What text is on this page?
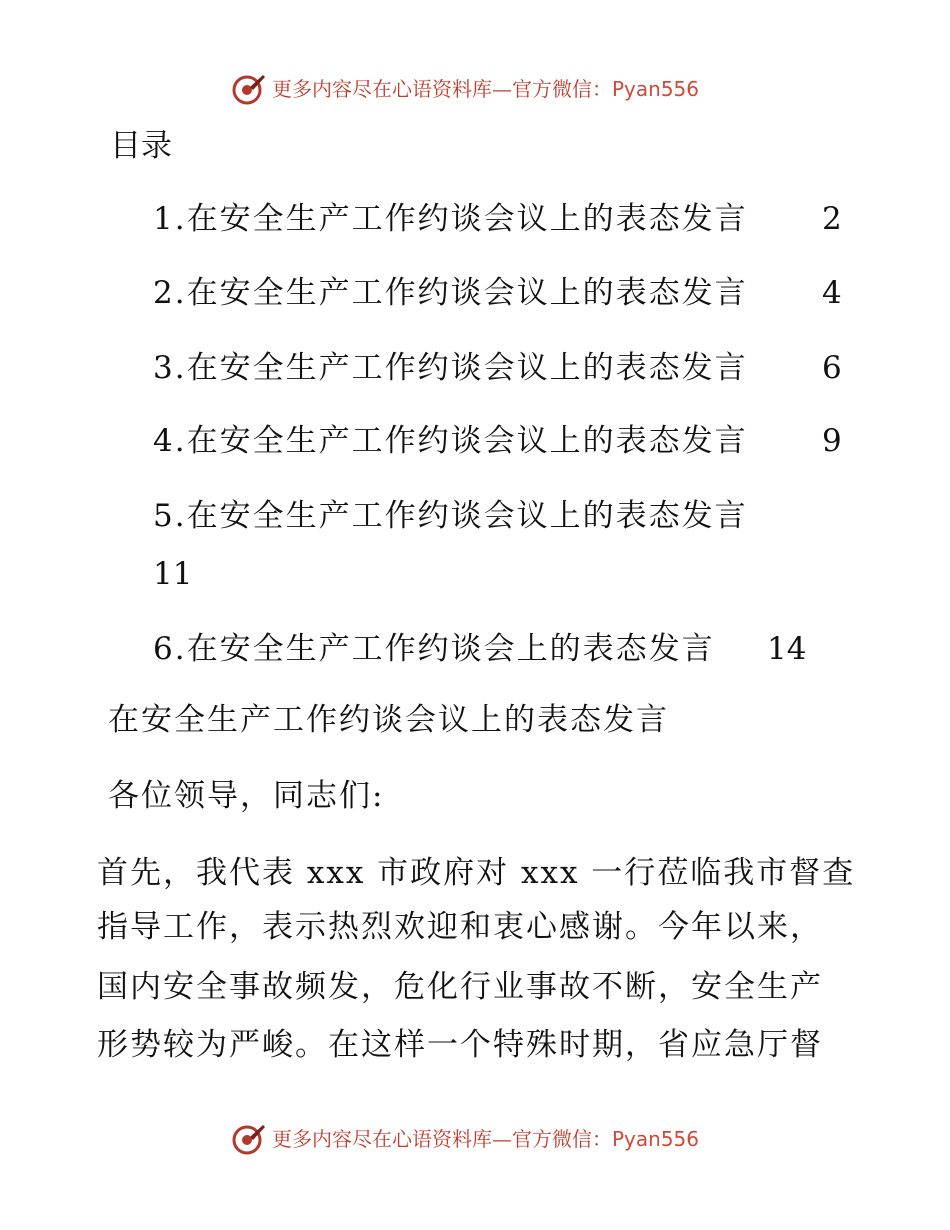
更多内容尽在心语资料库—官方微信：Pyan556
目录
1.在安全生产工作约谈会议上的表态发言 2
2.在安全生产工作约谈会议上的表态发言 4
3.在安全生产工作约谈会议上的表态发言 6
4.在安全生产工作约谈会议上的表态发言 9
5.在安全生产工作约谈会议上的表态发言
11
6.在安全生产工作约谈会上的表态发言 14
在安全生产工作约谈会议上的表态发言
各位领导，同志们:
首先，我代表 xxx 市政府对 xxx 一行莅临我市督查
指导工作，表示热烈欢迎和衷心感谢。今年以来，
国内安全事故频发，危化行业事故不断，安全生产
形势较为严峻。在这样一个特殊时期，省应急厅督
更多内容尽在心语资料库—官方微信：Pyan556
